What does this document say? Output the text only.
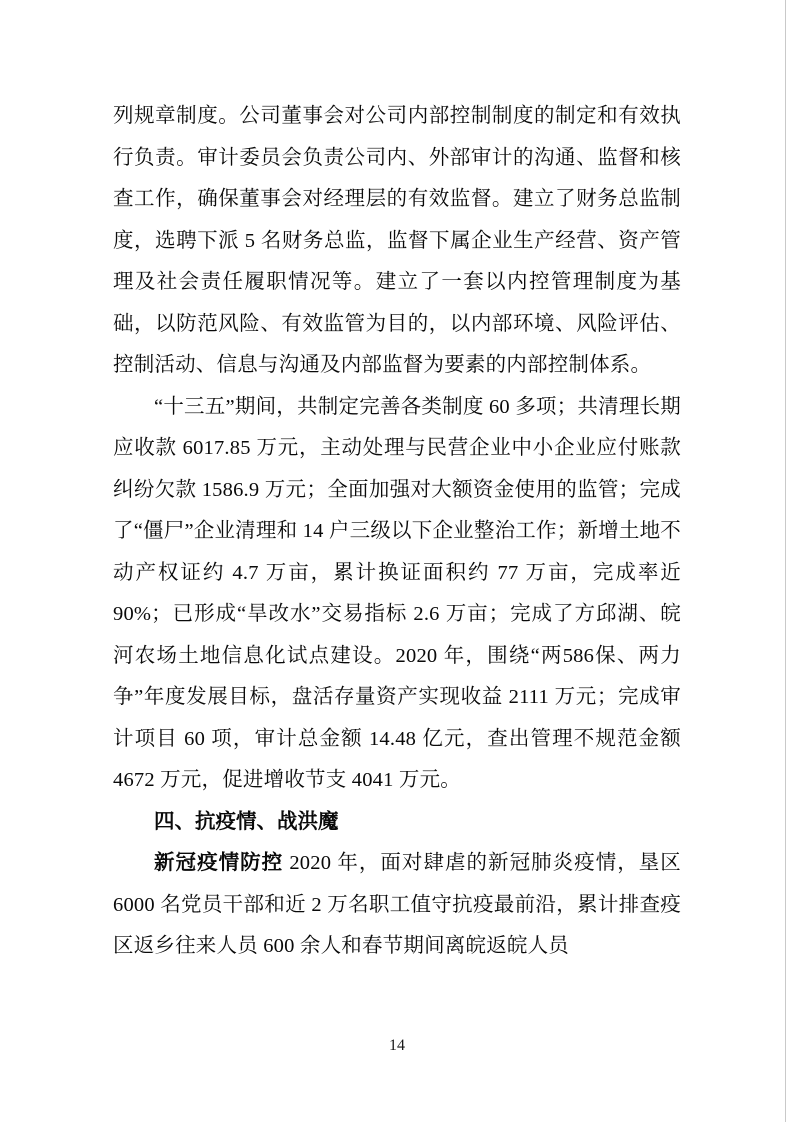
列规章制度。公司董事会对公司内部控制制度的制定和有效执行负责。审计委员会负责公司内、外部审计的沟通、监督和核查工作，确保董事会对经理层的有效监督。建立了财务总监制度，选聘下派 5 名财务总监，监督下属企业生产经营、资产管理及社会责任履职情况等。建立了一套以内控管理制度为基础，以防范风险、有效监管为目的，以内部环境、风险评估、控制活动、信息与沟通及内部监督为要素的内部控制体系。

“十三五”期间，共制定完善各类制度 60 多项；共清理长期应收款 6017.85 万元，主动处理与民营企业中小企业应付账款纠纷欠款 1586.9 万元；全面加强对大额资金使用的监管；完成了“僵尸”企业清理和 14 户三级以下企业整治工作；新增土地不动产权证约 4.7 万亩，累计换证面积约 77 万亩，完成率近 90%；已形成“旱改水”交易指标 2.6 万亩；完成了方邱湖、皖河农场土地信息化试点建设。2020 年，围绕“两586保、两力争”年度发展目标，盘活存量资产实现收益 2111 万元；完成审计项目 60 项，审计总金额 14.48 亿元，查出管理不规范金额 4672 万元，促进增收节支 4041 万元。

四、抗疫情、战洪魔

新冠疫情防控 2020 年，面对肆虐的新冠肺炎疫情，垦区 6000 名党员干部和近 2 万名职工值守抗疫最前沿，累计排查疫区返乡往来人员 600 余人和春节期间离皖返皖人员

14
